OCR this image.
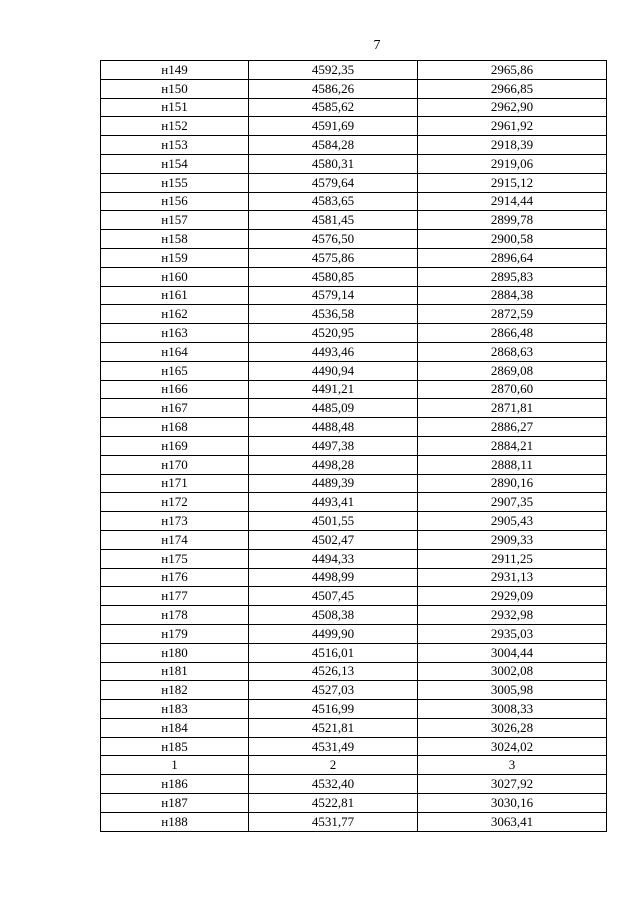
7
н149	4592,35	2965,86
н150	4586,26	2966,85
н151	4585,62	2962,90
н152	4591,69	2961,92
н153	4584,28	2918,39
н154	4580,31	2919,06
н155	4579,64	2915,12
н156	4583,65	2914,44
н157	4581,45	2899,78
н158	4576,50	2900,58
н159	4575,86	2896,64
н160	4580,85	2895,83
н161	4579,14	2884,38
н162	4536,58	2872,59
н163	4520,95	2866,48
н164	4493,46	2868,63
н165	4490,94	2869,08
н166	4491,21	2870,60
н167	4485,09	2871,81
н168	4488,48	2886,27
н169	4497,38	2884,21
н170	4498,28	2888,11
н171	4489,39	2890,16
н172	4493,41	2907,35
н173	4501,55	2905,43
н174	4502,47	2909,33
н175	4494,33	2911,25
н176	4498,99	2931,13
н177	4507,45	2929,09
н178	4508,38	2932,98
н179	4499,90	2935,03
н180	4516,01	3004,44
н181	4526,13	3002,08
н182	4527,03	3005,98
н183	4516,99	3008,33
н184	4521,81	3026,28
н185	4531,49	3024,02
1	2	3
н186	4532,40	3027,92
н187	4522,81	3030,16
н188	4531,77	3063,41
